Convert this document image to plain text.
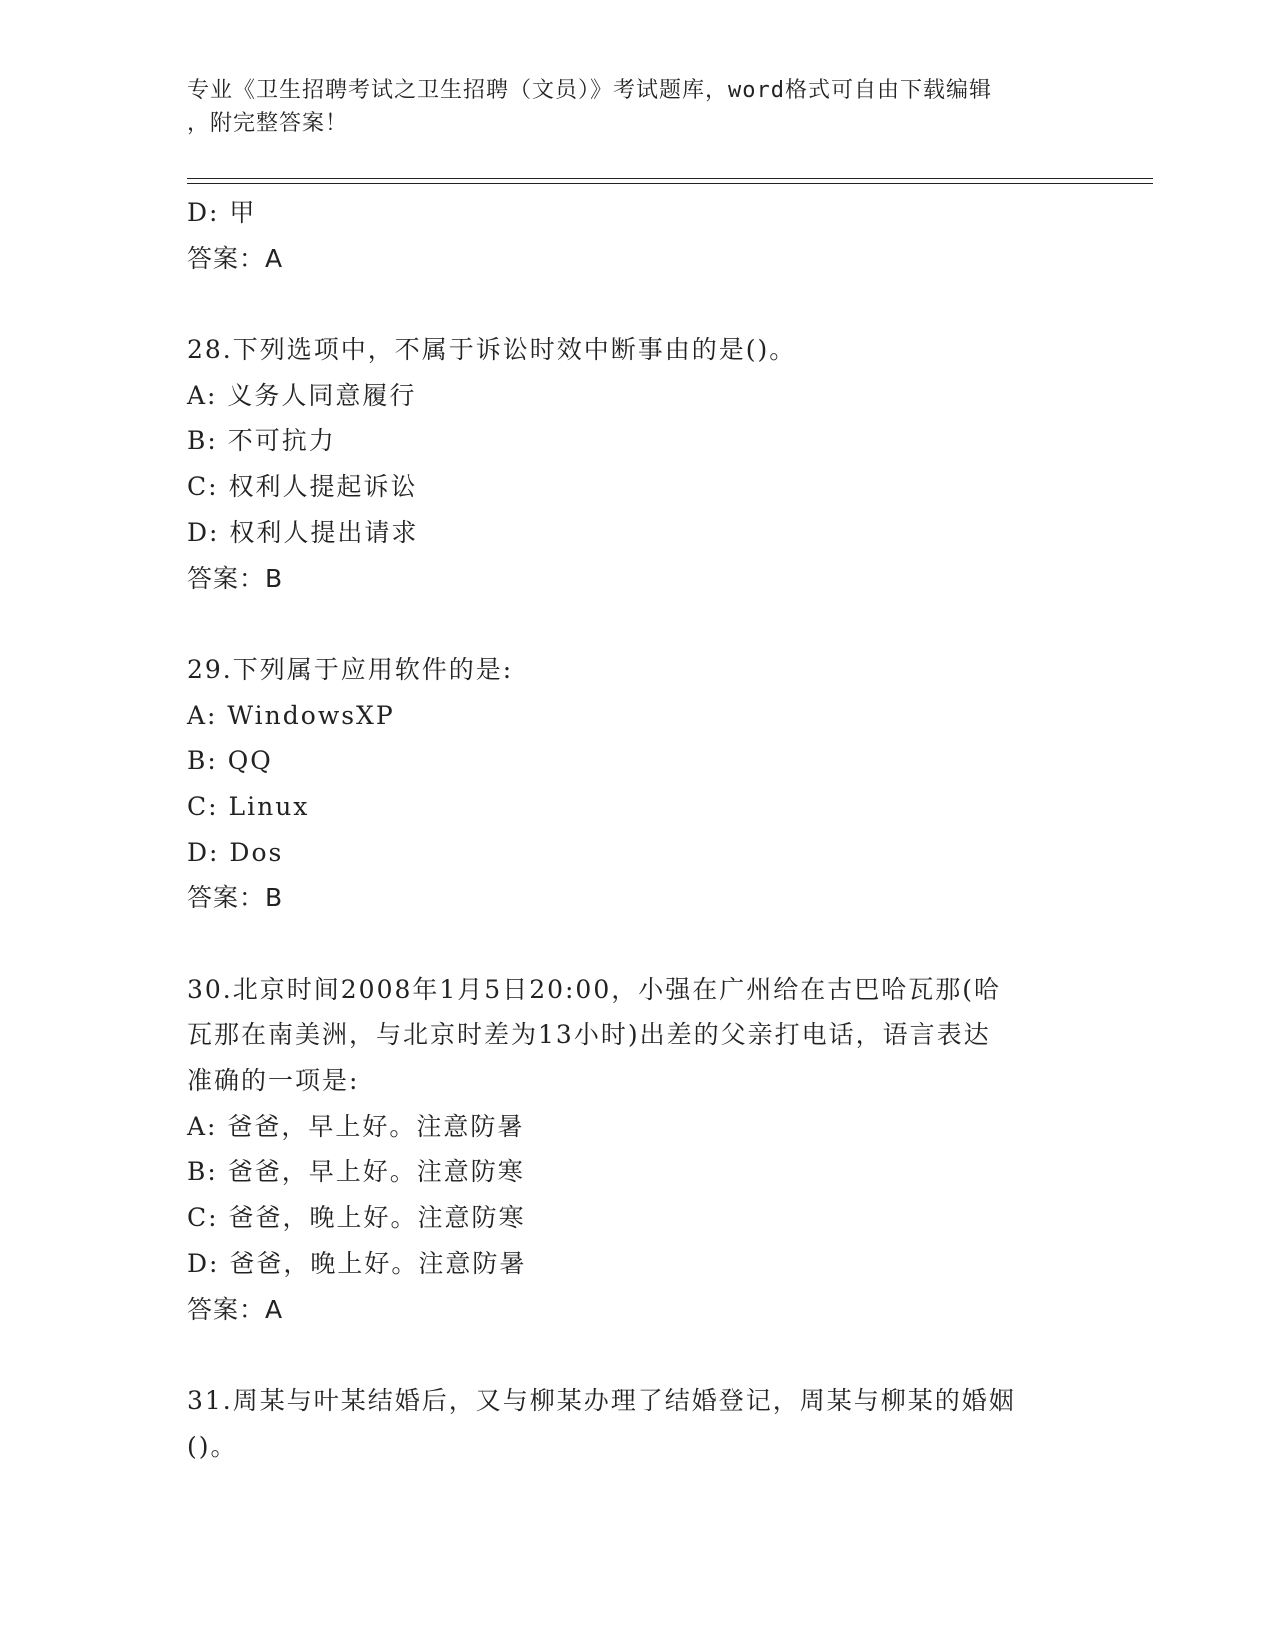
专业《卫生招聘考试之卫生招聘（文员）》考试题库，word格式可自由下载编辑
，附完整答案！
D: 甲
答案：A
28.下列选项中，不属于诉讼时效中断事由的是()。
A: 义务人同意履行
B: 不可抗力
C: 权利人提起诉讼
D: 权利人提出请求
答案：B
29.下列属于应用软件的是:
A: WindowsXP
B: QQ
C: Linux
D: Dos
答案：B
30.北京时间2008年1月5日20:00，小强在广州给在古巴哈瓦那(哈
瓦那在南美洲，与北京时差为13小时)出差的父亲打电话，语言表达
准确的一项是:
A: 爸爸，早上好。注意防暑
B: 爸爸，早上好。注意防寒
C: 爸爸，晚上好。注意防寒
D: 爸爸，晚上好。注意防暑
答案：A
31.周某与叶某结婚后，又与柳某办理了结婚登记，周某与柳某的婚姻
()。
